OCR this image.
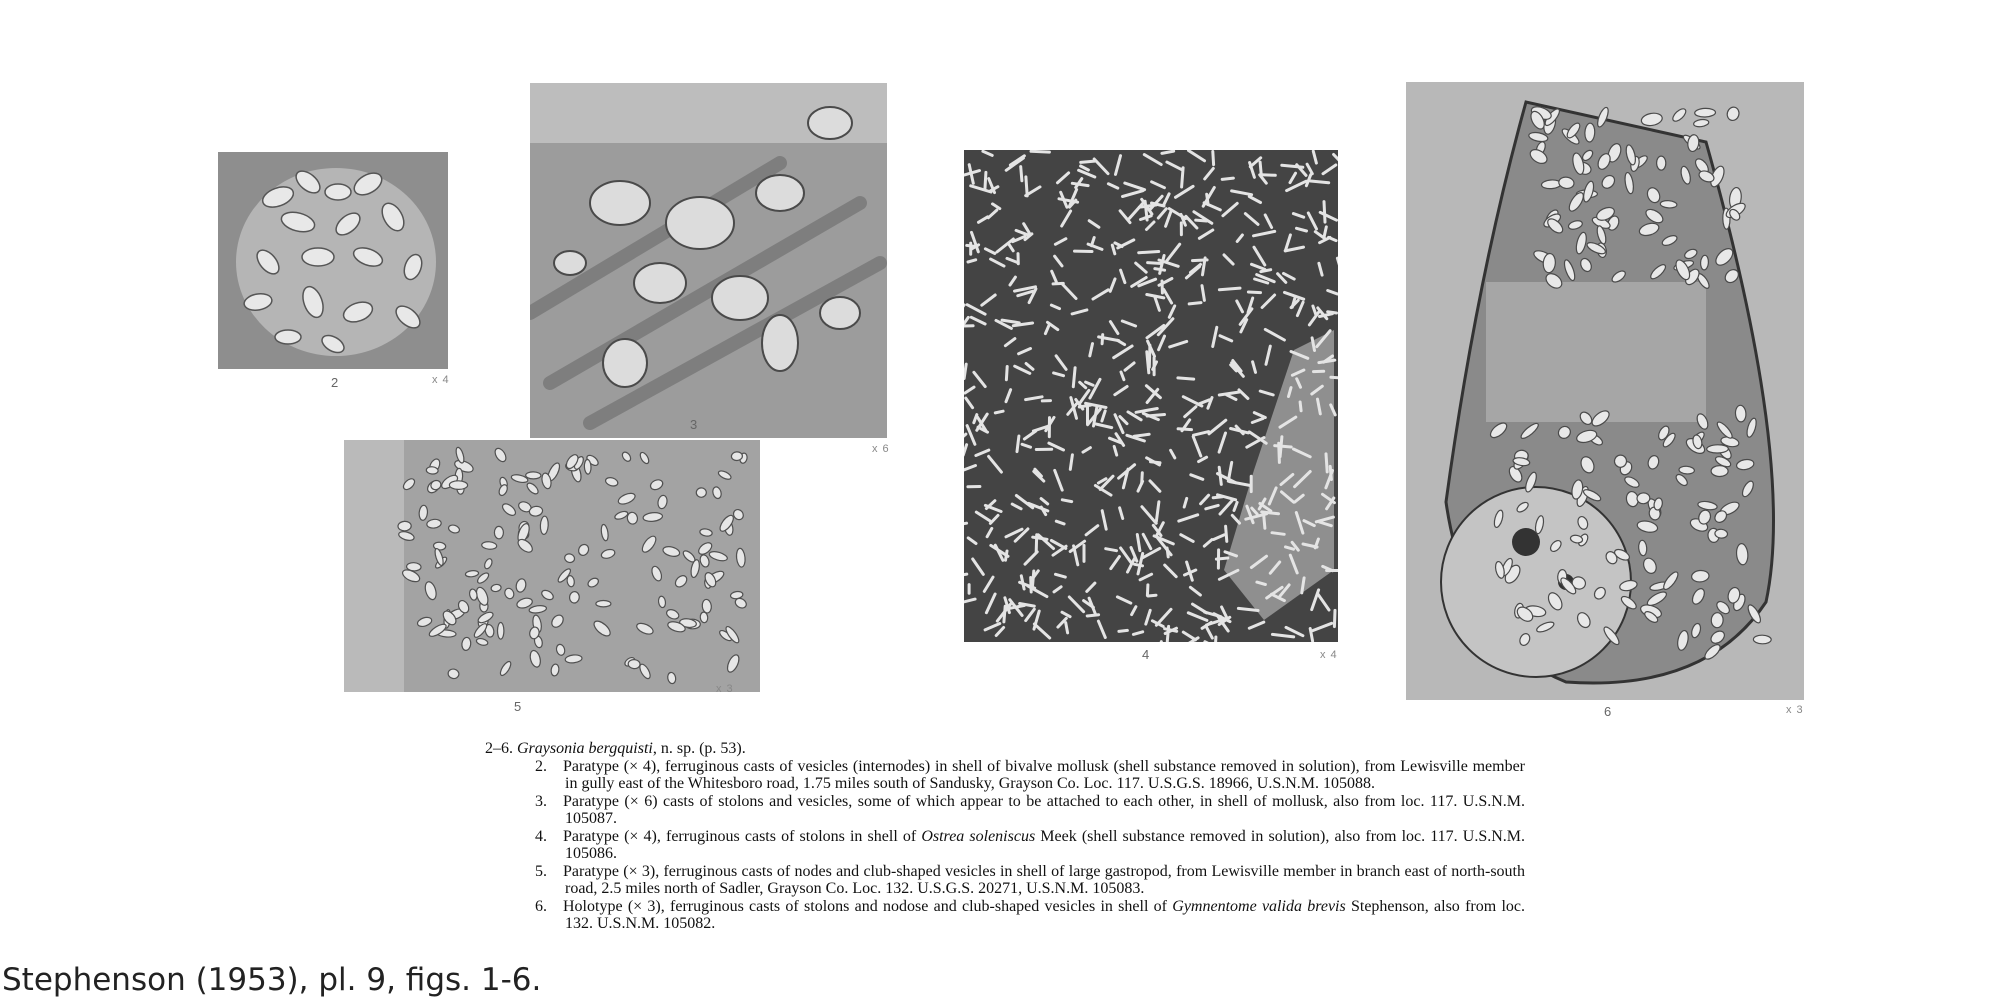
2	x 4
3
x 6
5
x 3
4	x 4
6	x 3
2–6. Graysonia bergquisti, n. sp. (p. 53).
2. Paratype (× 4), ferruginous casts of vesicles (internodes) in shell of bivalve mollusk (shell substance removed in solution), from Lewisville member in gully east of the Whitesboro road, 1.75 miles south of Sandusky, Grayson Co. Loc. 117. U.S.G.S. 18966, U.S.N.M. 105088.
3. Paratype (× 6) casts of stolons and vesicles, some of which appear to be attached to each other, in shell of mollusk, also from loc. 117. U.S.N.M. 105087.
4. Paratype (× 4), ferruginous casts of stolons in shell of Ostrea soleniscus Meek (shell substance removed in solution), also from loc. 117. U.S.N.M. 105086.
5. Paratype (× 3), ferruginous casts of nodes and club-shaped vesicles in shell of large gastropod, from Lewisville member in branch east of north-south road, 2.5 miles north of Sadler, Grayson Co. Loc. 132. U.S.G.S. 20271, U.S.N.M. 105083.
6. Holotype (× 3), ferruginous casts of stolons and nodose and club-shaped vesicles in shell of Gymnentome valida brevis Stephenson, also from loc. 132. U.S.N.M. 105082.
Stephenson (1953), pl. 9, figs. 1-6.
